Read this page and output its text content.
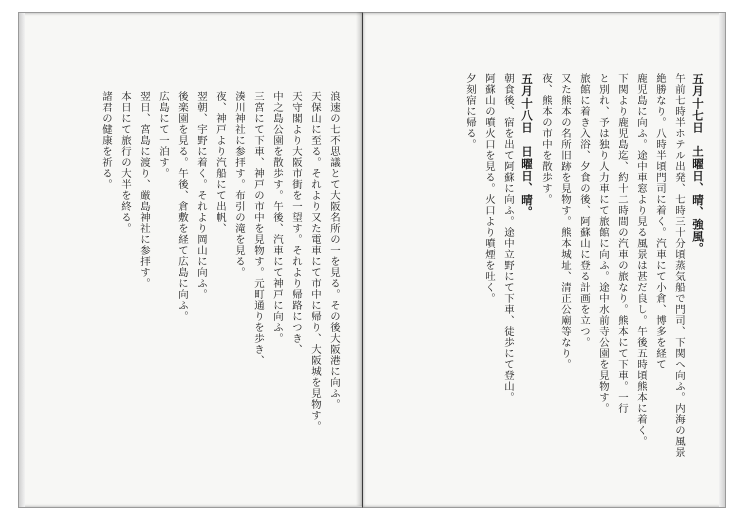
浪速の七不思議とて大阪名所の一を見る。その後大阪港に向ふ。
天保山に至る。それより又た電車にて市中に帰り、大阪城を見物す。
天守閣より大阪市街を一望す。それより帰路につき、
中之島公園を散歩す。午後、汽車にて神戸に向ふ。
三宮にて下車、神戸の市中を見物す。元町通りを歩き、
湊川神社に参拝す。布引の滝を見る。
夜、神戸より汽船にて出帆、
翌朝、宇野に着く。それより岡山に向ふ。
後楽園を見る。午後、倉敷を経て広島に向ふ。
広島にて一泊す。
翌日、宮島に渡り、厳島神社に参拝す。
本日にて旅行の大半を終る。
諸君の健康を祈る。	五月十七日　土曜日、晴、強風。
午前七時半ホテル出発、七時三十分頃蒸気船で門司、下関へ向ふ。内海の風景
絶勝なり。八時半頃門司に着く。汽車にて小倉、博多を経て
鹿児島に向ふ。途中車窓より見る風景は甚だ良し。午後五時頃熊本に着く。
下関より鹿児島迄、約十二時間の汽車の旅なり。熊本にて下車。一行
と別れ、予は独り人力車にて旅館に向ふ。途中水前寺公園を見物す。
旅館に着き入浴、夕食の後、阿蘇山に登る計画を立つ。
又た熊本の名所旧跡を見物す。熊本城址、清正公廟等なり。
夜、熊本の市中を散歩す。
五月十八日　日曜日、晴。
朝食後、宿を出て阿蘇に向ふ。途中立野にて下車、徒歩にて登山。
阿蘇山の噴火口を見る。火口より噴煙を吐く。
夕刻宿に帰る。
